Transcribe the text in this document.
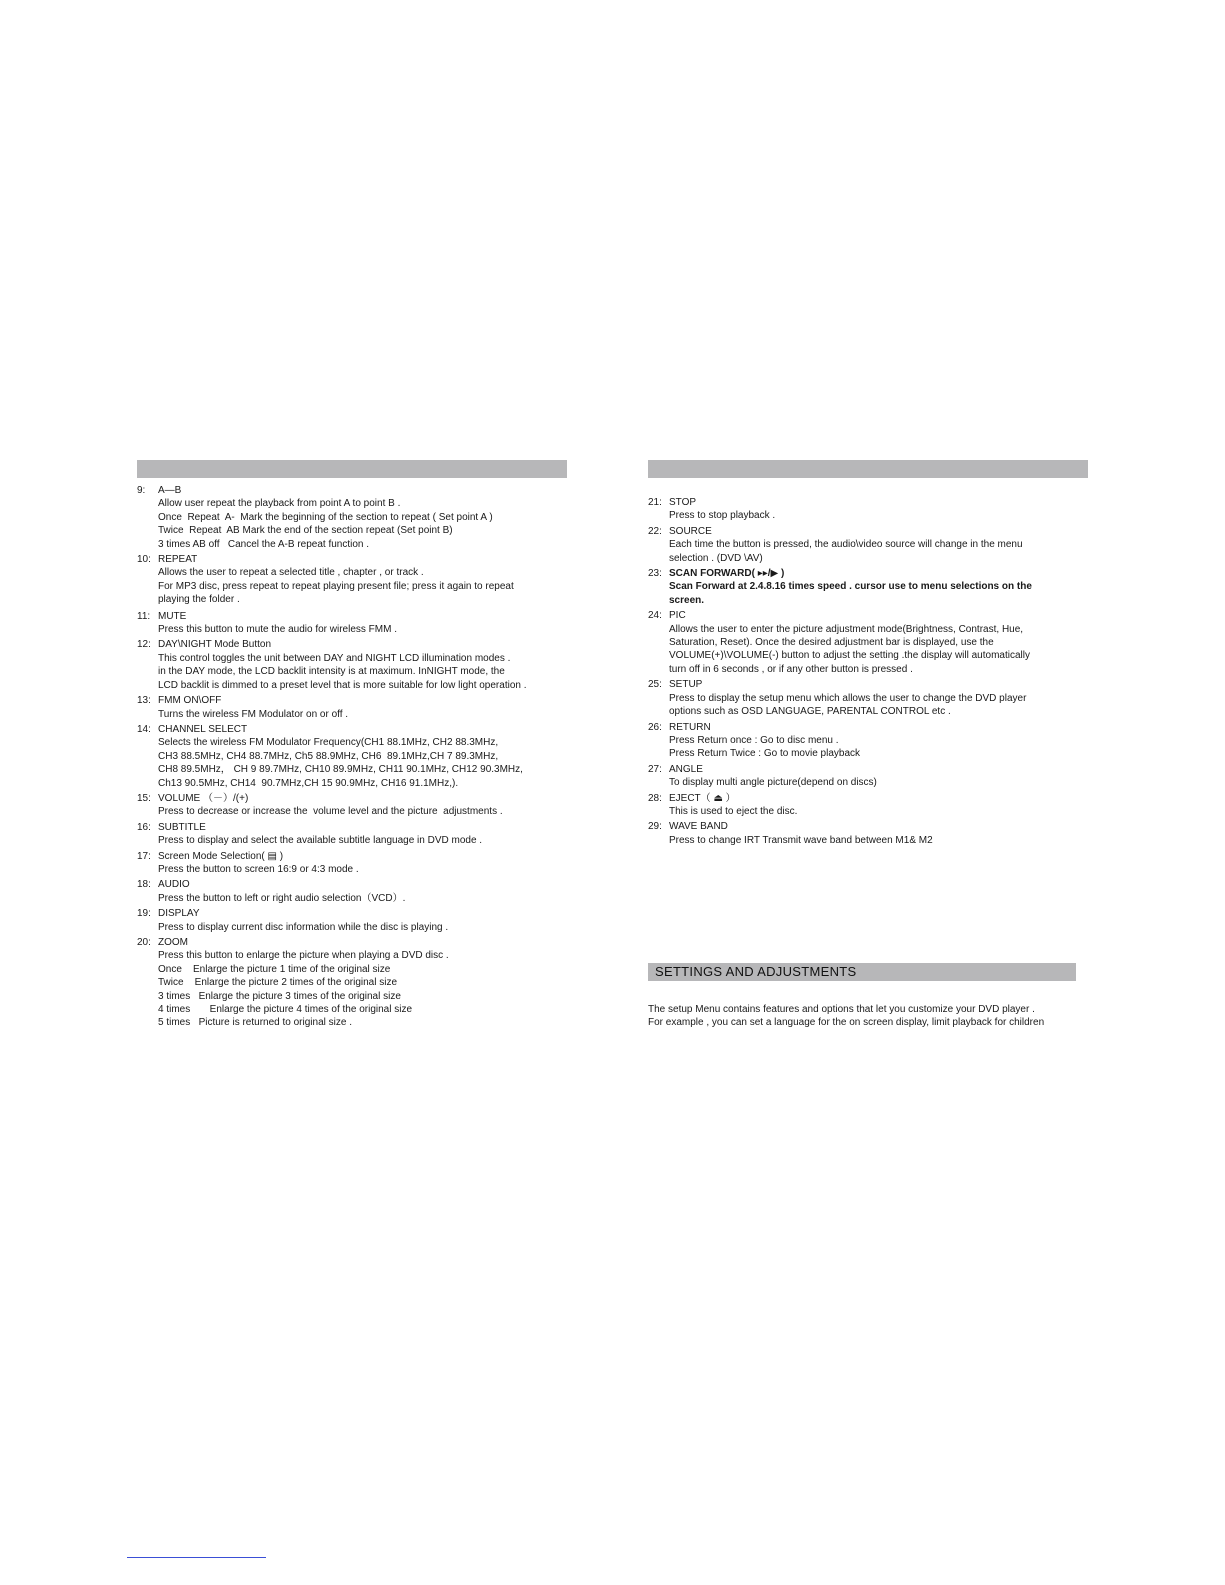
9:	A—B
Allow user repeat the playback from point A to point B .
Once  Repeat  A-  Mark the beginning of the section to repeat ( Set point A )
Twice  Repeat  AB Mark the end of the section repeat (Set point B)
3 times AB off   Cancel the A-B repeat function .
10: REPEAT
Allows the user to repeat a selected title , chapter , or track .
For MP3 disc, press repeat to repeat playing present file; press it again to repeat
playing the folder .
11: MUTE
Press this button to mute the audio for wireless FMM .
12: DAY\NIGHT Mode Button
This control toggles the unit between DAY and NIGHT LCD illumination modes .
in the DAY mode, the LCD backlit intensity is at maximum. InNIGHT mode, the
LCD backlit is dimmed to a preset level that is more suitable for low light operation .
13: FMM ON\OFF
Turns the wireless FM Modulator on or off .
14: CHANNEL SELECT
Selects the wireless FM Modulator Frequency(CH1 88.1MHz, CH2 88.3MHz,
CH3 88.5MHz, CH4 88.7MHz, Ch5 88.9MHz, CH6  89.1MHz,CH 7 89.3MHz,
CH8 89.5MHz， CH 9 89.7MHz, CH10 89.9MHz, CH11 90.1MHz, CH12 90.3MHz,
Ch13 90.5MHz, CH14  90.7MHz,CH 15 90.9MHz, CH16 91.1MHz,).
15: VOLUME （－）/(+)
Press to decrease or increase the  volume level and the picture  adjustments .
16: SUBTITLE
Press to display and select the available subtitle language in DVD mode .
17: Screen Mode Selection( ▤ )
Press the button to screen 16:9 or 4:3 mode .
18: AUDIO
Press the button to left or right audio selection（VCD）.
19: DISPLAY
Press to display current disc information while the disc is playing .
20: ZOOM
Press this button to enlarge the picture when playing a DVD disc .
Once    Enlarge the picture 1 time of the original size
Twice    Enlarge the picture 2 times of the original size
3 times   Enlarge the picture 3 times of the original size
4 times       Enlarge the picture 4 times of the original size
5 times   Picture is returned to original size .
21: STOP
Press to stop playback .
22: SOURCE
Each time the button is pressed, the audio\video source will change in the menu
selection . (DVD \AV)
23: SCAN FORWARD( ▸▸/▶ )
Scan Forward at 2.4.8.16 times speed . cursor use to menu selections on the
screen.
24: PIC
Allows the user to enter the picture adjustment mode(Brightness, Contrast, Hue,
Saturation, Reset). Once the desired adjustment bar is displayed, use the
VOLUME(+)\VOLUME(-) button to adjust the setting .the display will automatically
turn off in 6 seconds , or if any other button is pressed .
25: SETUP
Press to display the setup menu which allows the user to change the DVD player
options such as OSD LANGUAGE, PARENTAL CONTROL etc .
26: RETURN
Press Return once : Go to disc menu .
Press Return Twice : Go to movie playback
27: ANGLE
To display multi angle picture(depend on discs)
28: EJECT（ ⏏ ）
This is used to eject the disc.
29: WAVE BAND
Press to change IRT Transmit wave band between M1& M2
SETTINGS AND ADJUSTMENTS
The setup Menu contains features and options that let you customize your DVD player .
For example , you can set a language for the on screen display, limit playback for children
